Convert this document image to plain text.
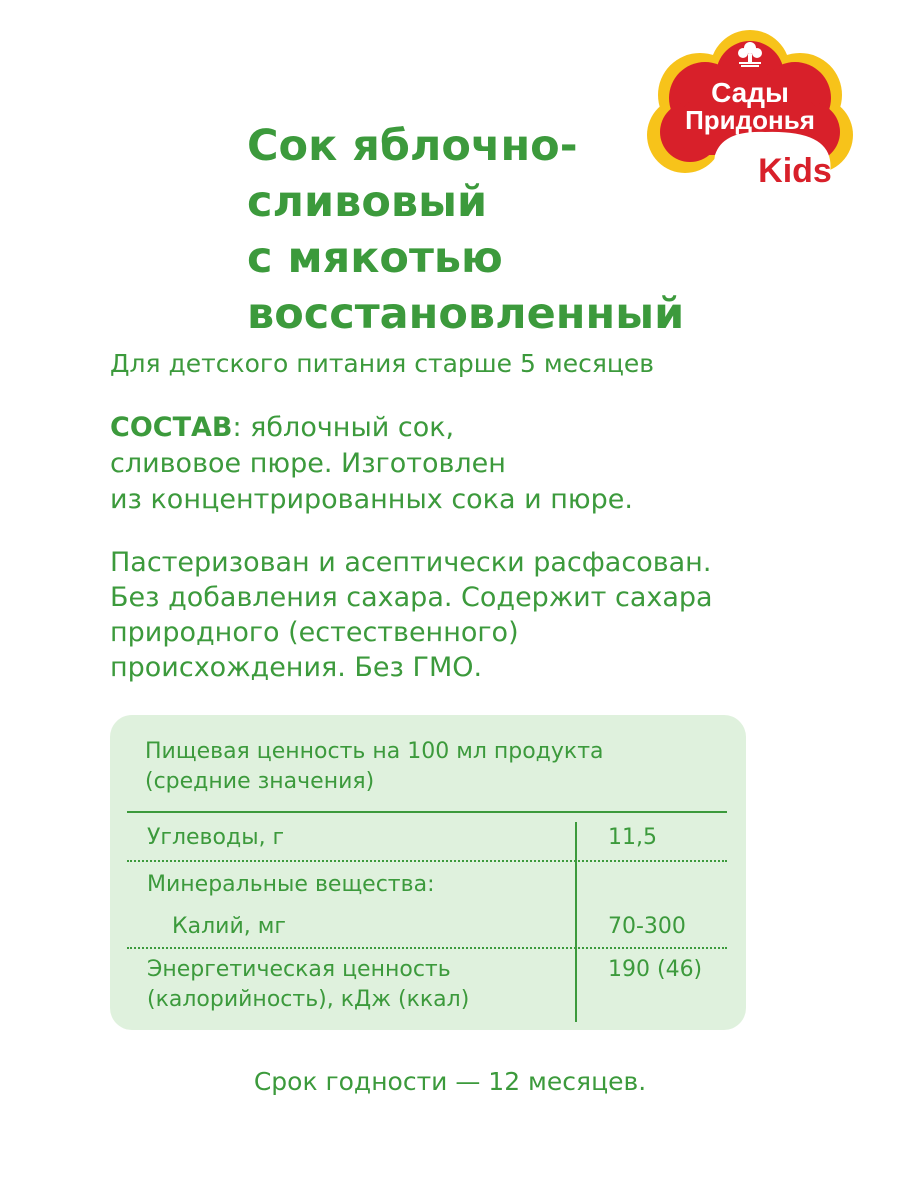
Сады
Придонья
Kids
Сок яблочно-
сливовый
с мякотью
восстановленный
Для детского питания старше 5 месяцев
СОСТАВ: яблочный сок,
сливовое пюре. Изготовлен
из концентрированных сока и пюре.
Пастеризован и асептически расфасован.
Без добавления сахара. Содержит сахара
природного (естественного)
происхождения. Без ГМО.
Пищевая ценность на 100 мл продукта
(средние значения)
Углеводы, г	11,5
Минеральные вещества:
Калий, мг	70-300
Энергетическая ценность
(калорийность), кДж (ккал)
190 (46)
Срок годности — 12 месяцев.
